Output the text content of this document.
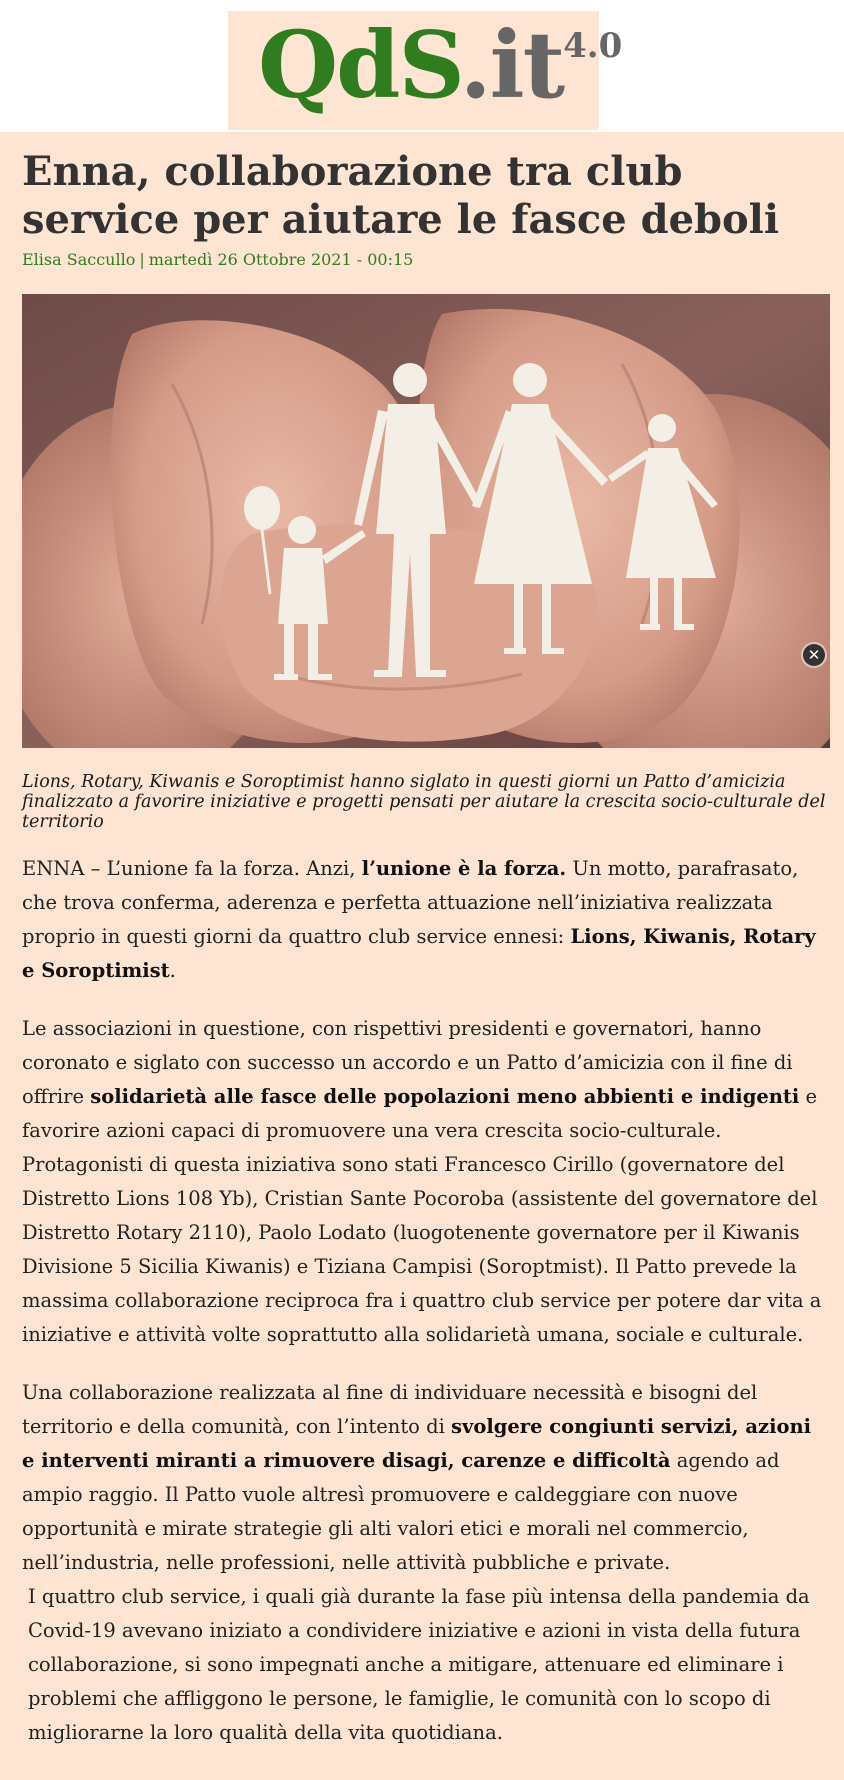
$QdS.it^{4.0}$
Enna, collaborazione tra club service per aiutare le fasce deboli
Elisa Saccullo | martedì 26 Ottobre 2021 - 00:15
✕

Lions, Rotary, Kiwanis e Soroptimist hanno siglato in questi giorni un Patto d’amicizia finalizzato a favorire iniziative e progetti pensati per aiutare la crescita socio-culturale del territorio

ENNA – L’unione fa la forza. Anzi, l’unione è la forza. Un motto, parafrasato, che trova conferma, aderenza e perfetta attuazione nell’iniziativa realizzata proprio in questi giorni da quattro club service ennesi: Lions, Kiwanis, Rotary e Soroptimist.

Le associazioni in questione, con rispettivi presidenti e governatori, hanno coronato e siglato con successo un accordo e un Patto d’amicizia con il fine di offrire solidarietà alle fasce delle popolazioni meno abbienti e indigenti e favorire azioni capaci di promuovere una vera crescita socio-culturale. Protagonisti di questa iniziativa sono stati Francesco Cirillo (governatore del Distretto Lions 108 Yb), Cristian Sante Pocoroba (assistente del governatore del Distretto Rotary 2110), Paolo Lodato (luogotenente governatore per il Kiwanis Divisione 5 Sicilia Kiwanis) e Tiziana Campisi (Soroptmist). Il Patto prevede la massima collaborazione reciproca fra i quattro club service per potere dar vita a iniziative e attività volte soprattutto alla solidarietà umana, sociale e culturale.

Una collaborazione realizzata al fine di individuare necessità e bisogni del territorio e della comunità, con l’intento di svolgere congiunti servizi, azioni e interventi miranti a rimuovere disagi, carenze e difficoltà agendo ad ampio raggio. Il Patto vuole altresì promuovere e caldeggiare con nuove opportunità e mirate strategie gli alti valori etici e morali nel commercio, nell’industria, nelle professioni, nelle attività pubbliche e private.

I quattro club service, i quali già durante la fase più intensa della pandemia da Covid-19 avevano iniziato a condividere iniziative e azioni in vista della futura collaborazione, si sono impegnati anche a mitigare, attenuare ed eliminare i problemi che affliggono le persone, le famiglie, le comunità con lo scopo di migliorarne la loro qualità della vita quotidiana.
